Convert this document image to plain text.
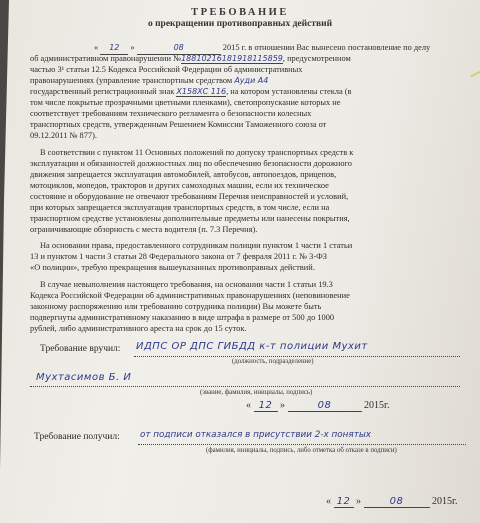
ТРЕБОВАНИЕ
о прекращении противоправных действий
« 12 »	08	2015 г. в отношении Вас вынесено постановление по делу
об административном правонарушении №18810216181918115859, предусмотренном
частью 3¹ статьи 12.5 Кодекса Российской Федерации об административных
правонарушениях (управление транспортным средством Ауди А4
государственный регистрационный знак Х158ХС 116, на котором установлены стекла (в
том числе покрытые прозрачными цветными пленками), светопропускание которых не
соответствует требованиям технического регламента о безопасности колесных
транспортных средств, утвержденным Решением Комиссии Таможенного союза от
09.12.2011 № 877).
В соответствии с пунктом 11 Основных положений по допуску транспортных средств к
эксплуатации и обязанностей должностных лиц по обеспечению безопасности дорожного
движения запрещается эксплуатация автомобилей, автобусов, автопоездов, прицепов,
мотоциклов, мопедов, тракторов и других самоходных машин, если их техническое
состояние и оборудование не отвечают требованиям Перечня неисправностей и условий,
при которых запрещается эксплуатация транспортных средств, в том числе, если на
транспортном средстве установлены дополнительные предметы или нанесены покрытия,
ограничивающие обзорность с места водителя (п. 7.3 Перечня).
На основании права, предоставленного сотрудникам полиции пунктом 1 части 1 статьи
13 и пунктом 1 части 3 статьи 28 Федерального закона от 7 февраля 2011 г. № 3-ФЗ
«О полиции», требую прекращения вышеуказанных противоправных действий.
В случае невыполнения настоящего требования, на основании части 1 статьи 19.3
Кодекса Российской Федерации об административных правонарушениях (неповиновение
законному распоряжению или требованию сотрудника полиции) Вы можете быть
подвергнуты административному наказанию в виде штрафа в размере от 500 до 1000
рублей, либо административного ареста на срок до 15 суток.
Требование вручил: ИДПС ОР ДПС ГИБДД к-т полиции Мухит
(должность, подразделение)
Мухтасимов Б. И
(звание, фамилия, инициалы, подпись)
« 12 »	08	2015г.
Требование получил: от подписи отказался в присутствии 2-х понятых
(фамилия, инициалы, подпись, либо отметка об отказе в подписи)
« 12 »	08	2015г.
